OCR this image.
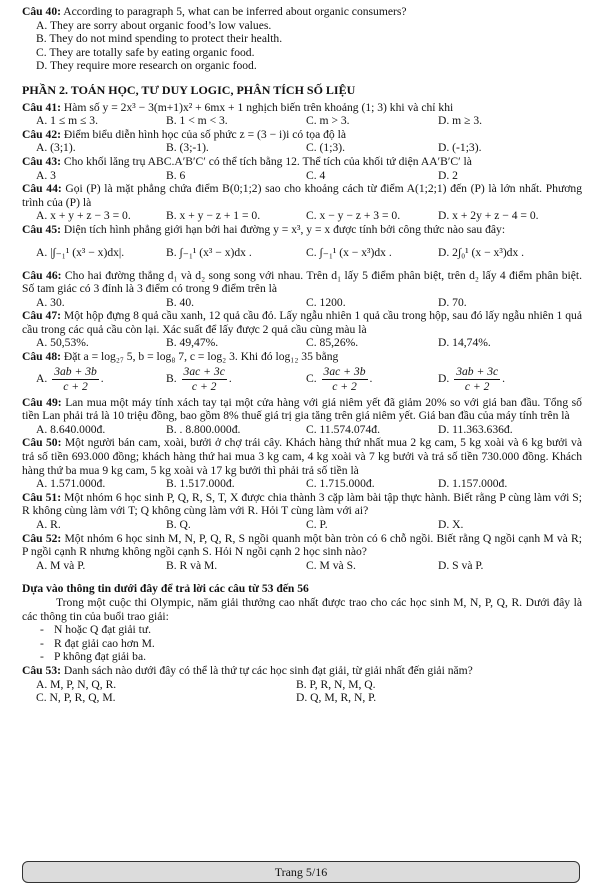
Câu 40: According to paragraph 5, what can be inferred about organic consumers?
A. They are sorry about organic food’s low values.
B. They do not mind spending to protect their health.
C. They are totally safe by eating organic food.
D. They require more research on organic food.
PHẦN 2. TOÁN HỌC, TƯ DUY LOGIC, PHÂN TÍCH SỐ LIỆU
Câu 41: Hàm số y = 2x³ − 3(m+1)x² + 6mx + 1 nghịch biến trên khoảng (1; 3) khi và chỉ khi
A. 1 ≤ m ≤ 3.	B. 1 < m < 3.	C. m > 3.	D. m ≥ 3.
Câu 42: Điểm biểu diễn hình học của số phức z = (3 − i)i có tọa độ là
A. (3;1).	B. (3;-1).	C. (1;3).	D. (-1;3).
Câu 43: Cho khối lăng trụ ABC.A′B′C′ có thể tích bằng 12. Thể tích của khối tứ diện AA′B′C′ là
A. 3	B. 6	C. 4	D. 2
Câu 44: Gọi (P) là mặt phẳng chứa điểm B(0;1;2) sao cho khoảng cách từ điểm A(1;2;1) đến (P) là lớn nhất. Phương trình của (P) là
A. x + y + z − 3 = 0.	B. x + y − z + 1 = 0.	C. x − y − z + 3 = 0.	D. x + 2y + z − 4 = 0.
Câu 45: Diện tích hình phẳng giới hạn bởi hai đường y = x³, y = x được tính bởi công thức nào sau đây:
A. |∫₋₁¹ (x³ − x)dx|.	B. ∫₋₁¹ (x³ − x)dx .	C. ∫₋₁¹ (x − x³)dx .	D. 2∫₀¹ (x − x³)dx .
Câu 46: Cho hai đường thẳng d₁ và d₂ song song với nhau. Trên d₁ lấy 5 điểm phân biệt, trên d₂ lấy 4 điểm phân biệt. Số tam giác có 3 đỉnh là 3 điểm có trong 9 điểm trên là
A. 30.	B. 40.	C. 1200.	D. 70.
Câu 47: Một hộp đựng 8 quả cầu xanh, 12 quả cầu đỏ. Lấy ngẫu nhiên 1 quả cầu trong hộp, sau đó lấy ngẫu nhiên 1 quả cầu trong các quả cầu còn lại. Xác suất để lấy được 2 quả cầu cùng màu là
A. 50,53%.	B. 49,47%.	C. 85,26%.	D. 14,74%.
Câu 48: Đặt a = log₂₇ 5, b = log₈ 7, c = log₂ 3. Khi đó log₁₂ 35 bằng
A. $\frac{3ab + 3b}{c + 2}$ .	B. $\frac{3ac + 3c}{c + 2}$ .	C. $\frac{3ac + 3b}{c + 2}$ .	D. $\frac{3ab + 3c}{c + 2}$ .
Câu 49: Lan mua một máy tính xách tay tại một cửa hàng với giá niêm yết đã giảm 20% so với giá ban đầu. Tổng số tiền Lan phải trả là 10 triệu đồng, bao gồm 8% thuế giá trị gia tăng trên giá niêm yết. Giá ban đầu của máy tính trên là
A. 8.640.000đ.	B. . 8.800.000đ.	C. 11.574.074đ.	D. 11.363.636đ.
Câu 50: Một người bán cam, xoài, bưởi ở chợ trái cây. Khách hàng thứ nhất mua 2 kg cam, 5 kg xoài và 6 kg bưởi và trả số tiền 693.000 đồng; khách hàng thứ hai mua 3 kg cam, 4 kg xoài và 7 kg bưởi và trả số tiền 730.000 đồng. Khách hàng thứ ba mua 9 kg cam, 5 kg xoài và 17 kg bưởi thì phải trả số tiền là
A. 1.571.000đ.	B. 1.517.000đ.	C. 1.715.000đ.	D. 1.157.000đ.
Câu 51: Một nhóm 6 học sinh P, Q, R, S, T, X được chia thành 3 cặp làm bài tập thực hành. Biết rằng P cùng làm với S; R không cùng làm với T; Q không cùng làm với R. Hỏi T cùng làm với ai?
A. R.	B. Q.	C. P.	D. X.
Câu 52: Một nhóm 6 học sinh M, N, P, Q, R, S ngồi quanh một bàn tròn có 6 chỗ ngồi. Biết rằng Q ngồi cạnh M và R; P ngồi cạnh R nhưng không ngồi cạnh S. Hỏi N ngồi cạnh 2 học sinh nào?
A. M và P.	B. R và M.	C. M và S.	D. S và P.
Dựa vào thông tin dưới đây để trả lời các câu từ 53 đến 56
Trong một cuộc thi Olympic, năm giải thưởng cao nhất được trao cho các học sinh M, N, P, Q, R. Dưới đây là các thông tin của buổi trao giải:
- N hoặc Q đạt giải tư.
- R đạt giải cao hơn M.
- P không đạt giải ba.
Câu 53: Danh sách nào dưới đây có thể là thứ tự các học sinh đạt giải, từ giải nhất đến giải năm?
A. M, P, N, Q, R.	B. P, R, N, M, Q.
C. N, P, R, Q, M.	D. Q, M, R, N, P.
Trang 5/16
